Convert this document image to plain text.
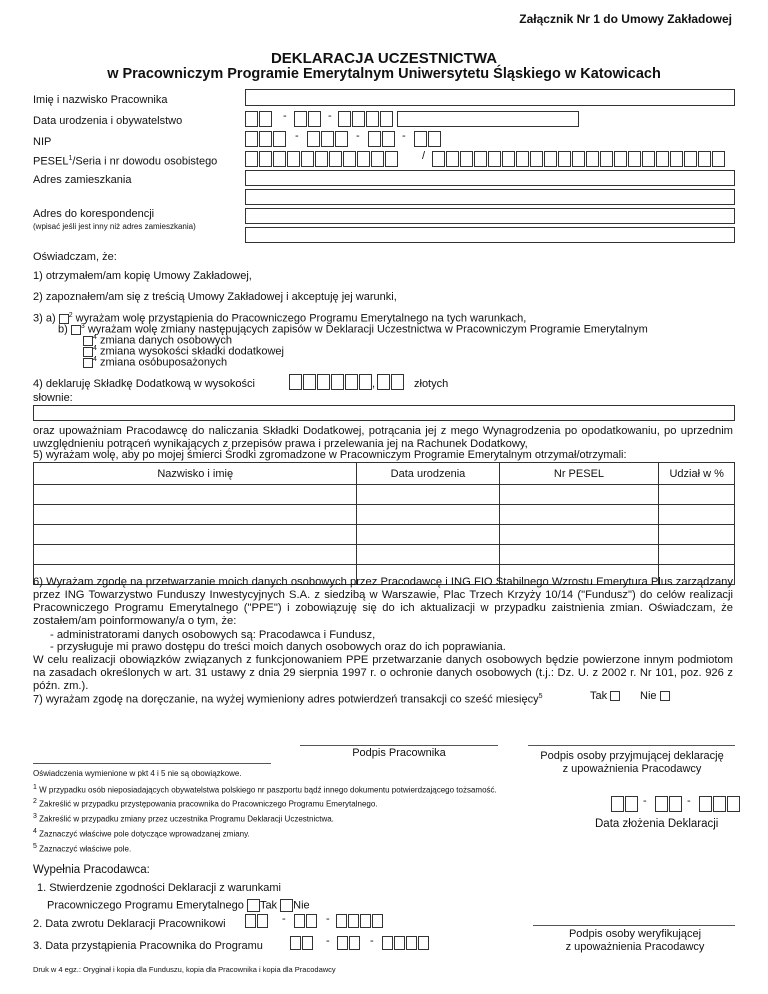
Załącznik Nr 1 do Umowy Zakładowej
DEKLARACJA UCZESTNICTWA
w Pracowniczym Programie Emerytalnym Uniwersytetu Śląskiego w Katowicach
Imię i nazwisko Pracownika
Data urodzenia i obywatelstwo	-	-
NIP	-	-	-
PESEL$^1$/Seria i nr dowodu osobistego	/
Adres zamieszkania
Adres do korespondencji
(wpisać jeśli jest inny niż adres zamieszkania)
Oświadczam, że:
1) otrzymałem/am kopię Umowy Zakładowej,
2) zapoznałem/am się z treścią Umowy Zakładowej i akceptuję jej warunki,
3) a) $^2$ wyrażam wolę przystąpienia do Pracowniczego Programu Emerytalnego na tych warunkach,
b) $^3$ wyrażam wolę zmiany następujących zapisów w Deklaracji Uczestnictwa w Pracowniczym Programie Emerytalnym
$^4$ zmiana danych osobowych
$^4$ zmiana wysokości składki dodatkowej
$^4$ zmiana osóbuposażonych
4) deklaruję Składkę Dodatkową w wysokości	,	złotych
słownie:
oraz upoważniam Pracodawcę do naliczania Składki Dodatkowej, potrącania jej z mego Wynagrodzenia po opodatkowaniu, po uprzednim uwzględnieniu potrąceń wynikających z przepisów prawa i przelewania jej na Rachunek Dodatkowy,
5) wyrażam wolę, aby po mojej śmierci Środki zgromadzone w Pracowniczym Programie Emerytalnym otrzymał/otrzymali:
Nazwisko i imię	Data urodzenia	Nr PESEL	Udział w %

6) Wyrażam zgodę na przetwarzanie moich danych osobowych przez Pracodawcę i ING FIO Stabilnego Wzrostu Emerytura Plus zarządzany przez ING Towarzystwo Funduszy Inwestycyjnych S.A. z siedzibą w Warszawie, Plac Trzech Krzyży 10/14 ("Fundusz") do celów realizacji Pracowniczego Programu Emerytalnego ("PPE") i zobowiązuję się do ich aktualizacji w przypadku zaistnienia zmian. Oświadczam, że zostałem/am poinformowany/a o tym, że:
- administratorami danych osobowych są: Pracodawca i Fundusz,
- przysługuje mi prawo dostępu do treści moich danych osobowych oraz do ich poprawiania.
W celu realizacji obowiązków związanych z funkcjonowaniem PPE przetwarzanie danych osobowych będzie powierzone innym podmiotom na zasadach określonych w art. 31 ustawy z dnia 29 sierpnia 1997 r. o ochronie danych osobowych (t.j.: Dz. U. z 2002 r. Nr 101, poz. 926 z późn. zm.).
7) wyrażam zgodę na doręczanie, na wyżej wymieniony adres potwierdzeń transakcji co sześć miesięcy$^5$	Tak	Nie
Podpis Pracownika	Podpis osoby przyjmującej deklarację
z upoważnienia Pracodawcy
Oświadczenia wymienione w pkt 4 i 5 nie są obowiązkowe.
1 W przypadku osób nieposiadających obywatelstwa polskiego nr paszportu bądź innego dokumentu potwierdzającego tożsamość.
2 Zakreślić w przypadku przystępowania pracownika do Pracowniczego Programu Emerytalnego.
3 Zakreślić w przypadku zmiany przez uczestnika Programu Deklaracji Uczestnictwa.
4 Zaznaczyć właściwe pole dotyczące wprowadzanej zmiany.
5 Zaznaczyć właściwe pole.
-	-
Data złożenia Deklaracji
Wypełnia Pracodawca:
1. Stwierdzenie zgodności Deklaracji z warunkami
Pracowniczego Programu Emerytalnego Tak Nie
2. Data zwrotu Deklaracji Pracownikowi	-	-
3. Data przystąpienia Pracownika do Programu	-	-
Podpis osoby weryfikującej
z upoważnienia Pracodawcy
Druk w 4 egz.: Oryginał i kopia dla Funduszu, kopia dla Pracownika i kopia dla Pracodawcy
